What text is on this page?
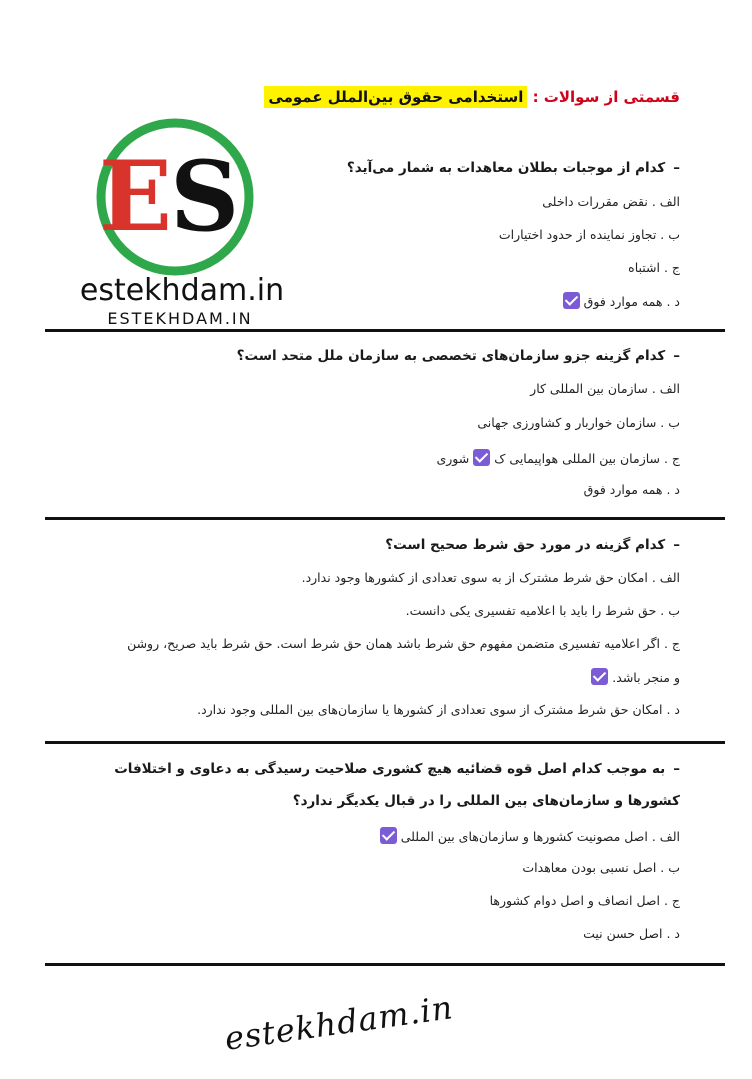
قسمتی از سوالات : استخدامی حقوق بین‌الملل عمومی
E
S
estekhdam.in
ESTEKHDAM.IN
–کدام از موجبات بطلان معاهدات به شمار می‌آید؟
الف . نقض مقررات داخلی
ب . تجاوز نماینده از حدود اختیارات
ج . اشتباه
د . همه موارد فوق
–کدام گزینه جزو سازمان‌های تخصصی به سازمان ملل متحد است؟
الف . سازمان بین المللی کار
ب . سازمان خواربار و کشاورزی جهانی
ج . سازمان بین المللی هواپیمایی کشوری
د . همه موارد فوق
–کدام گزینه در مورد حق شرط صحیح است؟
الف . امکان حق شرط مشترک از به سوی تعدادی از کشورها وجود ندارد.
ب . حق شرط را باید با اعلامیه تفسیری یکی دانست.
ج . اگر اعلامیه تفسیری متضمن مفهوم حق شرط باشد همان حق شرط است. حق شرط باید صریح، روشن
و منجر باشد.
د . امکان حق شرط مشترک از سوی تعدادی از کشورها یا سازمان‌های بین المللی وجود ندارد.
–به موجب کدام اصل قوه قضائیه هیچ کشوری صلاحیت رسیدگی به دعاوی و اختلافات
کشورها و سازمان‌های بین المللی را در قبال یکدیگر ندارد؟
الف . اصل مصونیت کشورها و سازمان‌های بین المللی
ب . اصل نسبی بودن معاهدات
ج . اصل انصاف و اصل دوام کشورها
د . اصل حسن نیت
estekhdam.in
